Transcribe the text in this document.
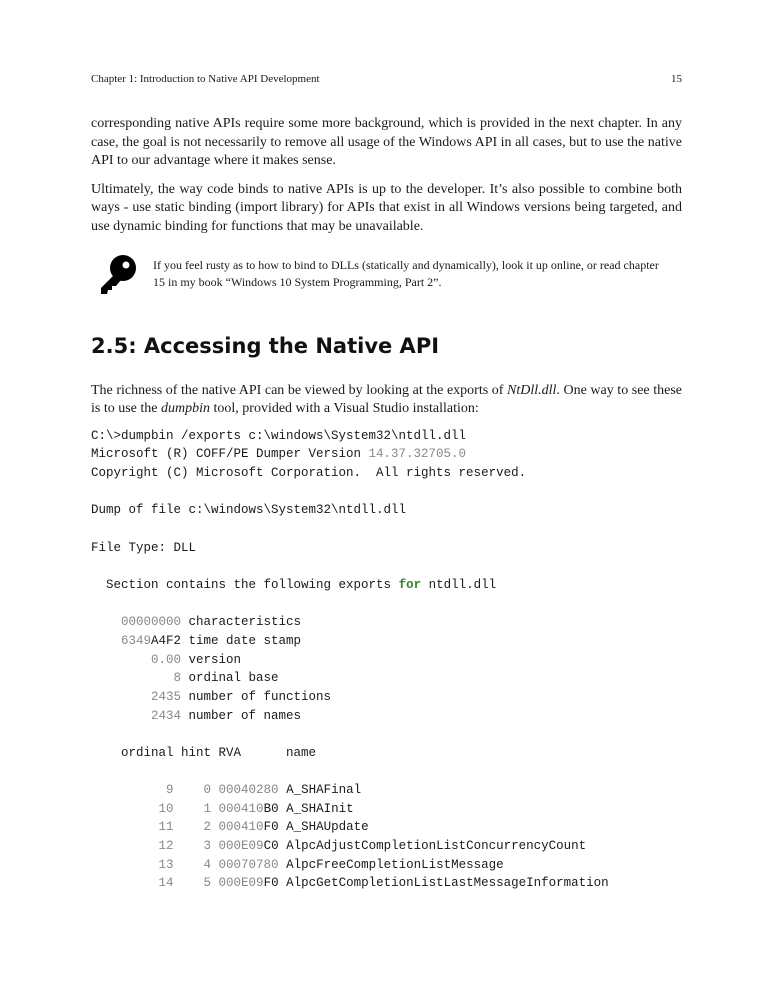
Chapter 1: Introduction to Native API Development	15

corresponding native APIs require some more background, which is provided in the next chapter. In any case, the goal is not necessarily to remove all usage of the Windows API in all cases, but to use the native API to our advantage where it makes sense.

Ultimately, the way code binds to native APIs is up to the developer. It’s also possible to combine both ways - use static binding (import library) for APIs that exist in all Windows versions being targeted, and use dynamic binding for functions that may be unavailable.

If you feel rusty as to how to bind to DLLs (statically and dynamically), look it up online, or read chapter 15 in my book “Windows 10 System Programming, Part 2”.

2.5: Accessing the Native API

The richness of the native API can be viewed by looking at the exports of NtDll.dll. One way to see these is to use the dumpbin tool, provided with a Visual Studio installation:

C:\>dumpbin /exports c:\windows\System32\ntdll.dll
Microsoft (R) COFF/PE Dumper Version 14.37.32705.0
Copyright (C) Microsoft Corporation.  All rights reserved.
Dump of file c:\windows\System32\ntdll.dll
File Type: DLL
Section contains the following exports for ntdll.dll
00000000 characteristics
6349A4F2 time date stamp
0.00 version
8 ordinal base
2435 number of functions
2434 number of names
ordinal hint RVA      name
9 0 00040280 A_SHAFinal
10 1 000410B0 A_SHAInit
11 2 000410F0 A_SHAUpdate
12 3 000E09C0 AlpcAdjustCompletionListConcurrencyCount
13 4 00070780 AlpcFreeCompletionListMessage
14 5 000E09F0 AlpcGetCompletionListLastMessageInformation
